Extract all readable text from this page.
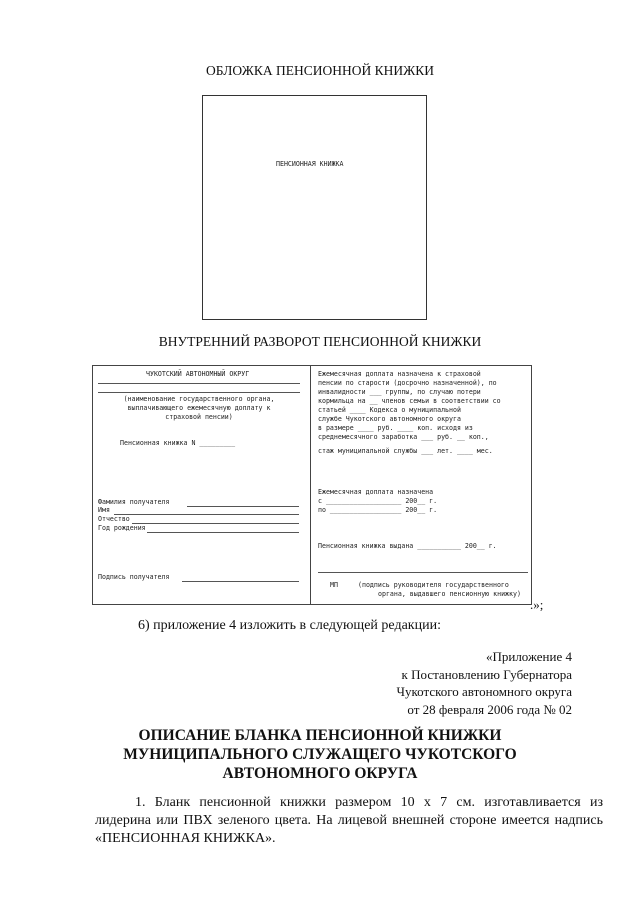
ОБЛОЖКА ПЕНСИОННОЙ КНИЖКИ
ПЕНСИОННАЯ КНИЖКА
ВНУТРЕННИЙ РАЗВОРОТ ПЕНСИОННОЙ КНИЖКИ
ЧУКОТСКИЙ АВТОНОМНЫЙ ОКРУГ
(наименование государственного органа,
выплачивающего ежемесячную доплату к
страховой пенсии)
Пенсионная книжка N _________
Фамилия получателя
Имя
Отчество
Год рождения
Подпись получателя
Ежемесячная доплата назначена к страховой
пенсии по старости (досрочно назначенной), по
инвалидности ___ группы, по случаю потери
кормильца на __ членов семьи в соответствии со
статьей ____ Кодекса о муниципальной
службе Чукотского автономного округа
в размере ____ руб. ____ коп. исходя из
среднемесячного заработка ___ руб. __ коп.,
стаж муниципальной службы ___ лет. ____ мес.
Ежемесячная доплата назначена
с ___________________ 200__ г.
по __________________ 200__ г.
Пенсионная книжка выдана ___________ 200__ г.
МП	(подпись руководителя государственного
органа, выдавшего пенсионную книжку)
.»;
6) приложение 4 изложить в следующей редакции:
«Приложение 4
к Постановлению Губернатора
Чукотского автономного округа
от 28 февраля 2006 года № 02
ОПИСАНИЕ БЛАНКА ПЕНСИОННОЙ КНИЖКИ
МУНИЦИПАЛЬНОГО СЛУЖАЩЕГО ЧУКОТСКОГО
АВТОНОМНОГО ОКРУГА
1. Бланк пенсионной книжки размером 10 х 7 см. изготавливается из лидерина или ПВХ зеленого цвета. На лицевой внешней стороне имеется надпись «ПЕНСИОННАЯ КНИЖКА».
